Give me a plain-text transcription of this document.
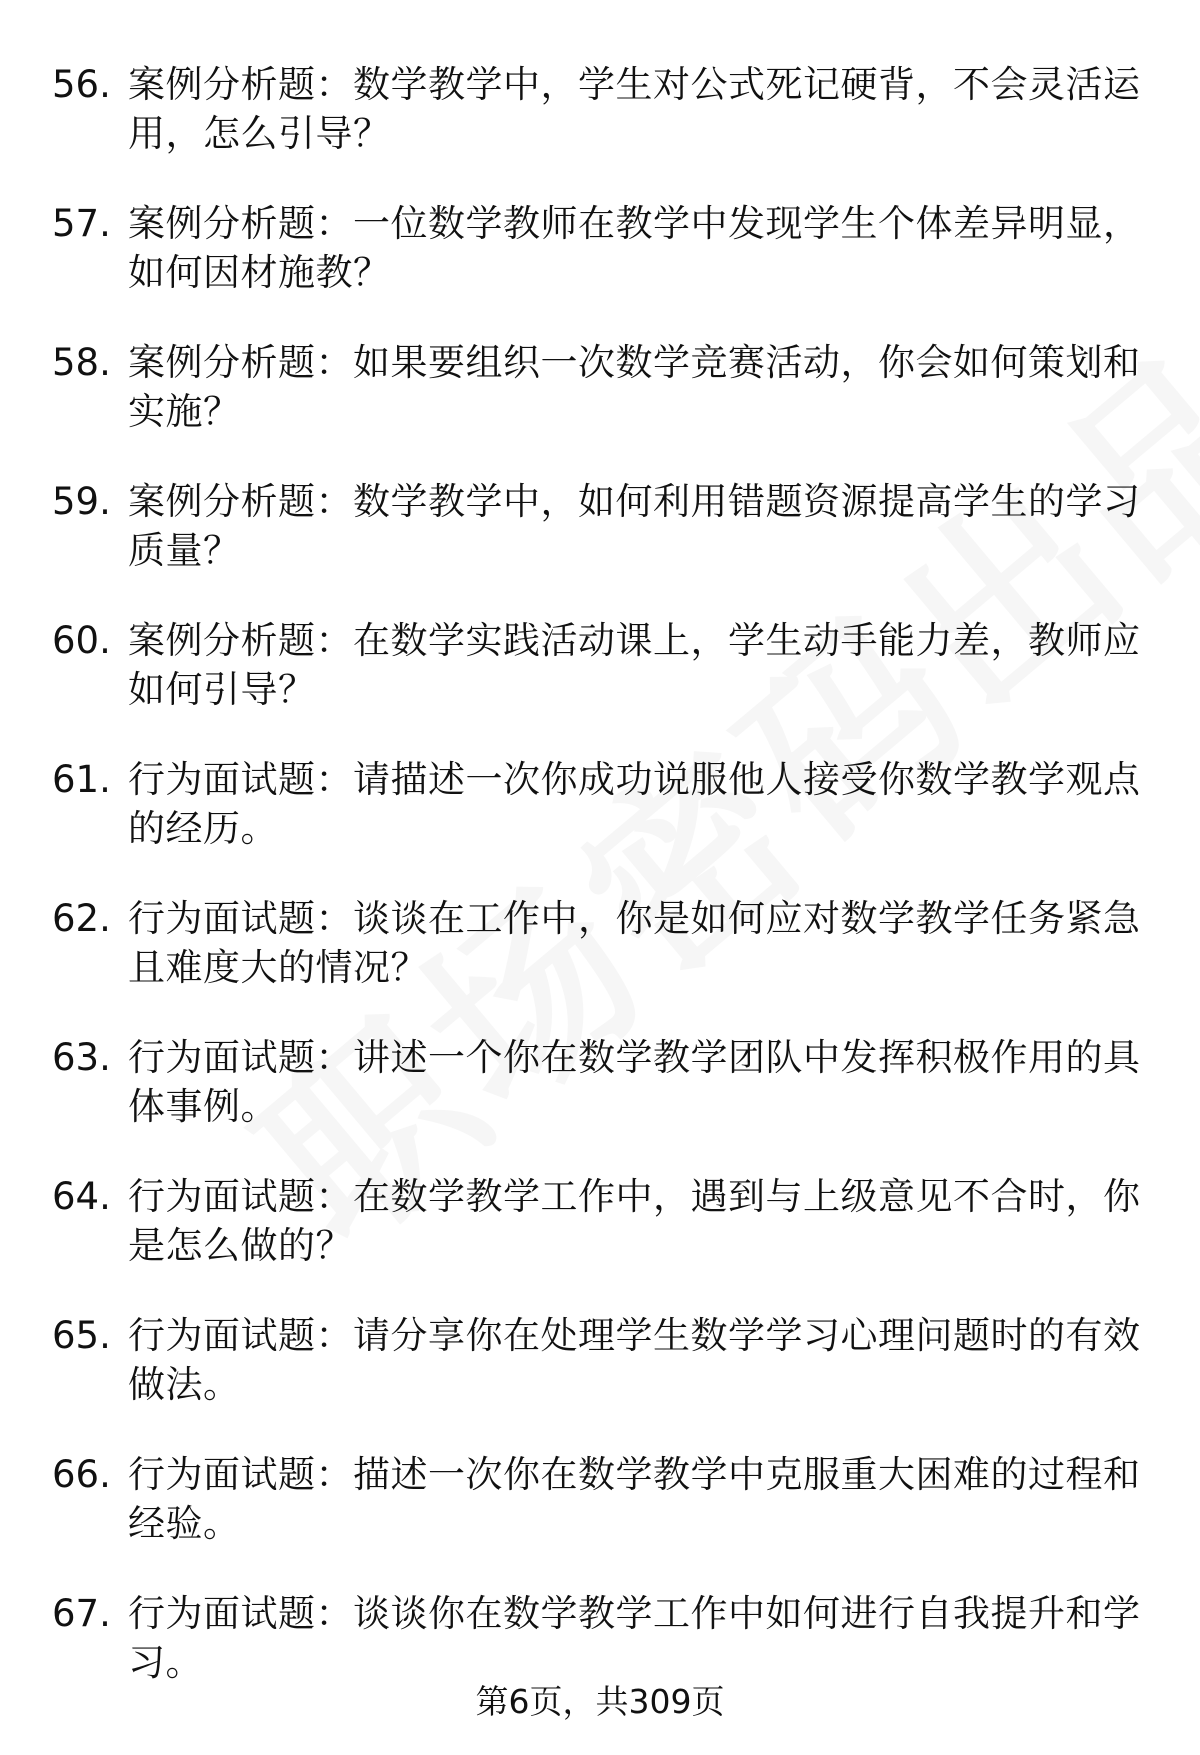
56. 案例分析题：数学教学中，学生对公式死记硬背，不会灵活运用，怎么引导？
57. 案例分析题：一位数学教师在教学中发现学生个体差异明显，如何因材施教？
58. 案例分析题：如果要组织一次数学竞赛活动，你会如何策划和实施？
59. 案例分析题：数学教学中，如何利用错题资源提高学生的学习质量？
60. 案例分析题：在数学实践活动课上，学生动手能力差，教师应如何引导？
61. 行为面试题：请描述一次你成功说服他人接受你数学教学观点的经历。
62. 行为面试题：谈谈在工作中，你是如何应对数学教学任务紧急且难度大的情况？
63. 行为面试题：讲述一个你在数学教学团队中发挥积极作用的具体事例。
64. 行为面试题：在数学教学工作中，遇到与上级意见不合时，你是怎么做的？
65. 行为面试题：请分享你在处理学生数学学习心理问题时的有效做法。
66. 行为面试题：描述一次你在数学教学中克服重大困难的过程和经验。
67. 行为面试题：谈谈你在数学教学工作中如何进行自我提升和学习。
第6页，共309页
